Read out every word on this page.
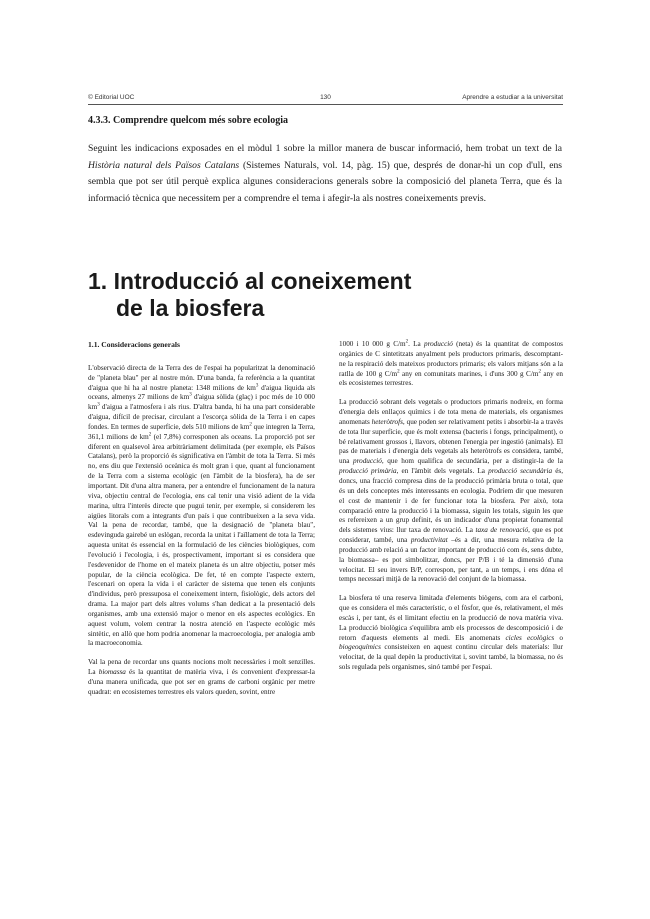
© Editorial UOC	130	Aprendre a estudiar a la universitat
4.3.3. Comprendre quelcom més sobre ecologia
Seguint les indicacions exposades en el mòdul 1 sobre la millor manera de buscar informació, hem trobat un text de la Història natural dels Països Catalans (Sistemes Naturals, vol. 14, pàg. 15) que, després de donar-hi un cop d'ull, ens sembla que pot ser útil perquè explica algunes consideracions generals sobre la composició del planeta Terra, que és la informació tècnica que necessitem per a comprendre el tema i afegir-la als nostres coneixements previs.
1. Introducció al coneixement
de la biosfera
1.1. Consideracions generals

L'observació directa de la Terra des de l'espai ha popularitzat la denominació de "planeta blau" per al nostre món. D'una banda, fa referència a la quantitat d'aigua que hi ha al nostre planeta: 1348 milions de $km^3$ d'aigua líquida als oceans, almenys 27 milions de $km^3$ d'aigua sòlida (glaç) i poc més de 10 000 $km^3$ d'aigua a l'atmosfera i als rius. D'altra banda, hi ha una part considerable d'aigua, difícil de precisar, circulant a l'escorça sòlida de la Terra i en capes fondes. En termes de superfície, dels 510 milions de $km^2$ que integren la Terra, 361,1 milions de $km^2$ (el 7,8%) corresponen als oceans. La proporció pot ser diferent en qualsevol àrea arbitràriament delimitada (per exemple, els Països Catalans), però la proporció és significativa en l'àmbit de tota la Terra. Si més no, ens diu que l'extensió oceànica és molt gran i que, quant al funcionament de la Terra com a sistema ecològic (en l'àmbit de la biosfera), ha de ser important. Dit d'una altra manera, per a entendre el funcionament de la natura viva, objectiu central de l'ecologia, ens cal tenir una visió adient de la vida marina, ultra l'interès directe que pugui tenir, per exemple, si considerem les aigües litorals com a integrants d'un país i que contribueixen a la seva vida. Val la pena de recordar, també, que la designació de "planeta blau", esdevinguda gairebé un eslògan, recorda la unitat i l'aïllament de tota la Terra; aquesta unitat és essencial en la formulació de les ciències biològiques, com l'evolució i l'ecologia, i és, prospectivament, important si es considera que l'esdevenidor de l'home en el mateix planeta és un altre objectiu, potser més popular, de la ciència ecològica. De fet, té en compte l'aspecte extern, l'escenari on opera la vida i el caràcter de sistema que tenen els conjunts d'individus, però pressuposa el coneixement intern, fisiològic, dels actors del drama. La major part dels altres volums s'han dedicat a la presentació dels organismes, amb una extensió major o menor en els aspectes ecològics. En aquest volum, volem centrar la nostra atenció en l'aspecte ecològic més sintètic, en allò que hom podria anomenar la macroecologia, per analogia amb la macroeconomia.

Val la pena de recordar uns quants nocions molt necessàries i molt senzilles. La biomassa és la quantitat de matèria viva, i és convenient d'expressar-la d'una manera unificada, que pot ser en grams de carboni orgànic per metre quadrat: en ecosistemes terrestres els valors queden, sovint, entre

1000 i 10 000 g $C/m^2$. La producció (neta) és la quantitat de compostos orgànics de C sintetitzats anyalment pels productors primaris, descomptant-ne la respiració dels mateixos productors primaris; els valors mitjans són a la ratlla de 100 g $C/m^2$ any en comunitats marines, i d'uns 300 g $C/m^2$ any en els ecosistemes terrestres.

La producció sobrant dels vegetals o productors primaris nodreix, en forma d'energia dels enllaços químics i de tota mena de materials, els organismes anomenats heteròtrofs, que poden ser relativament petits i absorbir-la a través de tota llur superfície, que és molt extensa (bacteris i fongs, principalment), o bé relativament grossos i, llavors, obtenen l'energia per ingestió (animals). El pas de materials i d'energia dels vegetals als heteròtrofs es considera, també, una producció, que hom qualifica de secundària, per a distingir-la de la producció primària, en l'àmbit dels vegetals. La producció secundària és, doncs, una fracció compresa dins de la producció primària bruta o total, que és un dels conceptes més interessants en ecologia. Podríem dir que mesuren el cost de mantenir i de fer funcionar tota la biosfera. Per això, tota comparació entre la producció i la biomassa, siguin les totals, siguin les que es refereixen a un grup definit, és un indicador d'una propietat fonamental dels sistemes vius: llur taxa de renovació. La taxa de renovació, que es pot considerar, també, una productivitat –és a dir, una mesura relativa de la producció amb relació a un factor important de producció com és, sens dubte, la biomassa– es pot simbolitzar, doncs, per P/B i té la dimensió d'una velocitat. El seu invers B/P, correspon, per tant, a un temps, i ens dóna el temps necessari mitjà de la renovació del conjunt de la biomassa.

La biosfera té una reserva limitada d'elements biògens, com ara el carboni, que es considera el més característic, o el fòsfor, que és, relativament, el més escàs i, per tant, és el limitant efectiu en la producció de nova matèria viva. La producció biològica s'equilibra amb els processos de descomposició i de retorn d'aquests elements al medi. Els anomenats cicles ecològics o biogeoquímics consisteixen en aquest continu circular dels materials: llur velocitat, de la qual depèn la productivitat i, sovint també, la biomassa, no és sols regulada pels organismes, sinó també per l'espai.
